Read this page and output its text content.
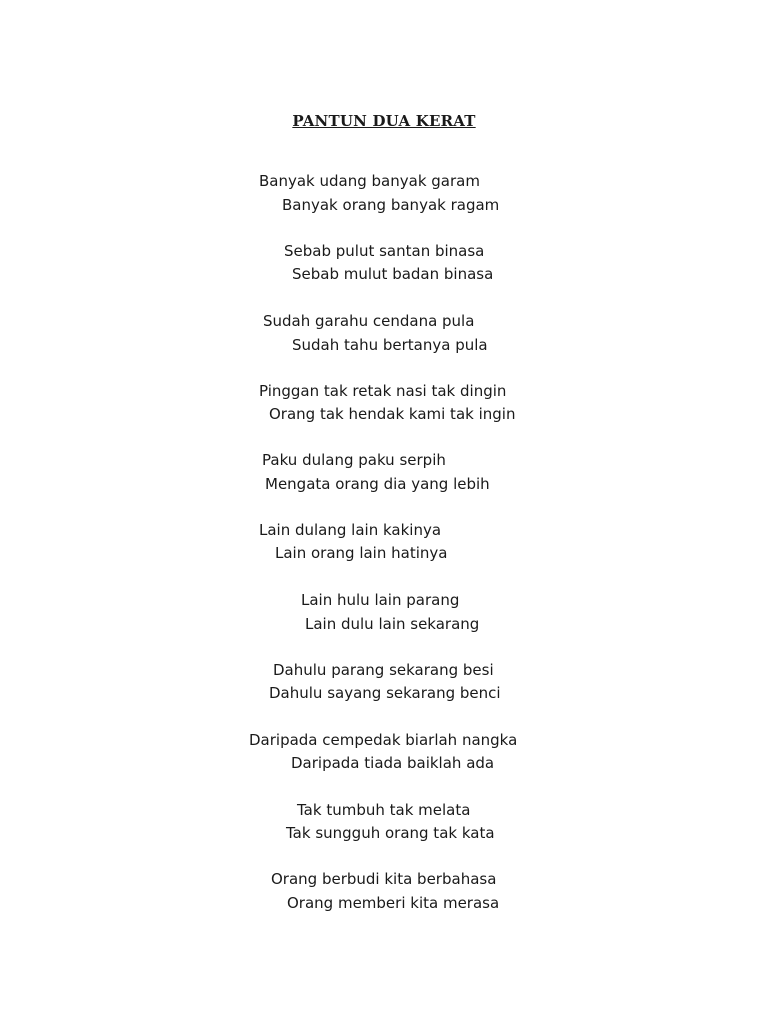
PANTUN DUA KERAT
Banyak udang banyak garam
Banyak orang banyak ragam
Sebab pulut santan binasa
Sebab mulut badan binasa
Sudah garahu cendana pula
Sudah tahu bertanya pula
Pinggan tak retak nasi tak dingin
Orang tak hendak kami tak ingin
Paku dulang paku serpih
Mengata orang dia yang lebih
Lain dulang lain kakinya
Lain orang lain hatinya
Lain hulu lain parang
Lain dulu lain sekarang
Dahulu parang sekarang besi
Dahulu sayang sekarang benci
Daripada cempedak biarlah nangka
Daripada tiada baiklah ada
Tak tumbuh tak melata
Tak sungguh orang tak kata
Orang berbudi kita berbahasa
Orang memberi kita merasa
